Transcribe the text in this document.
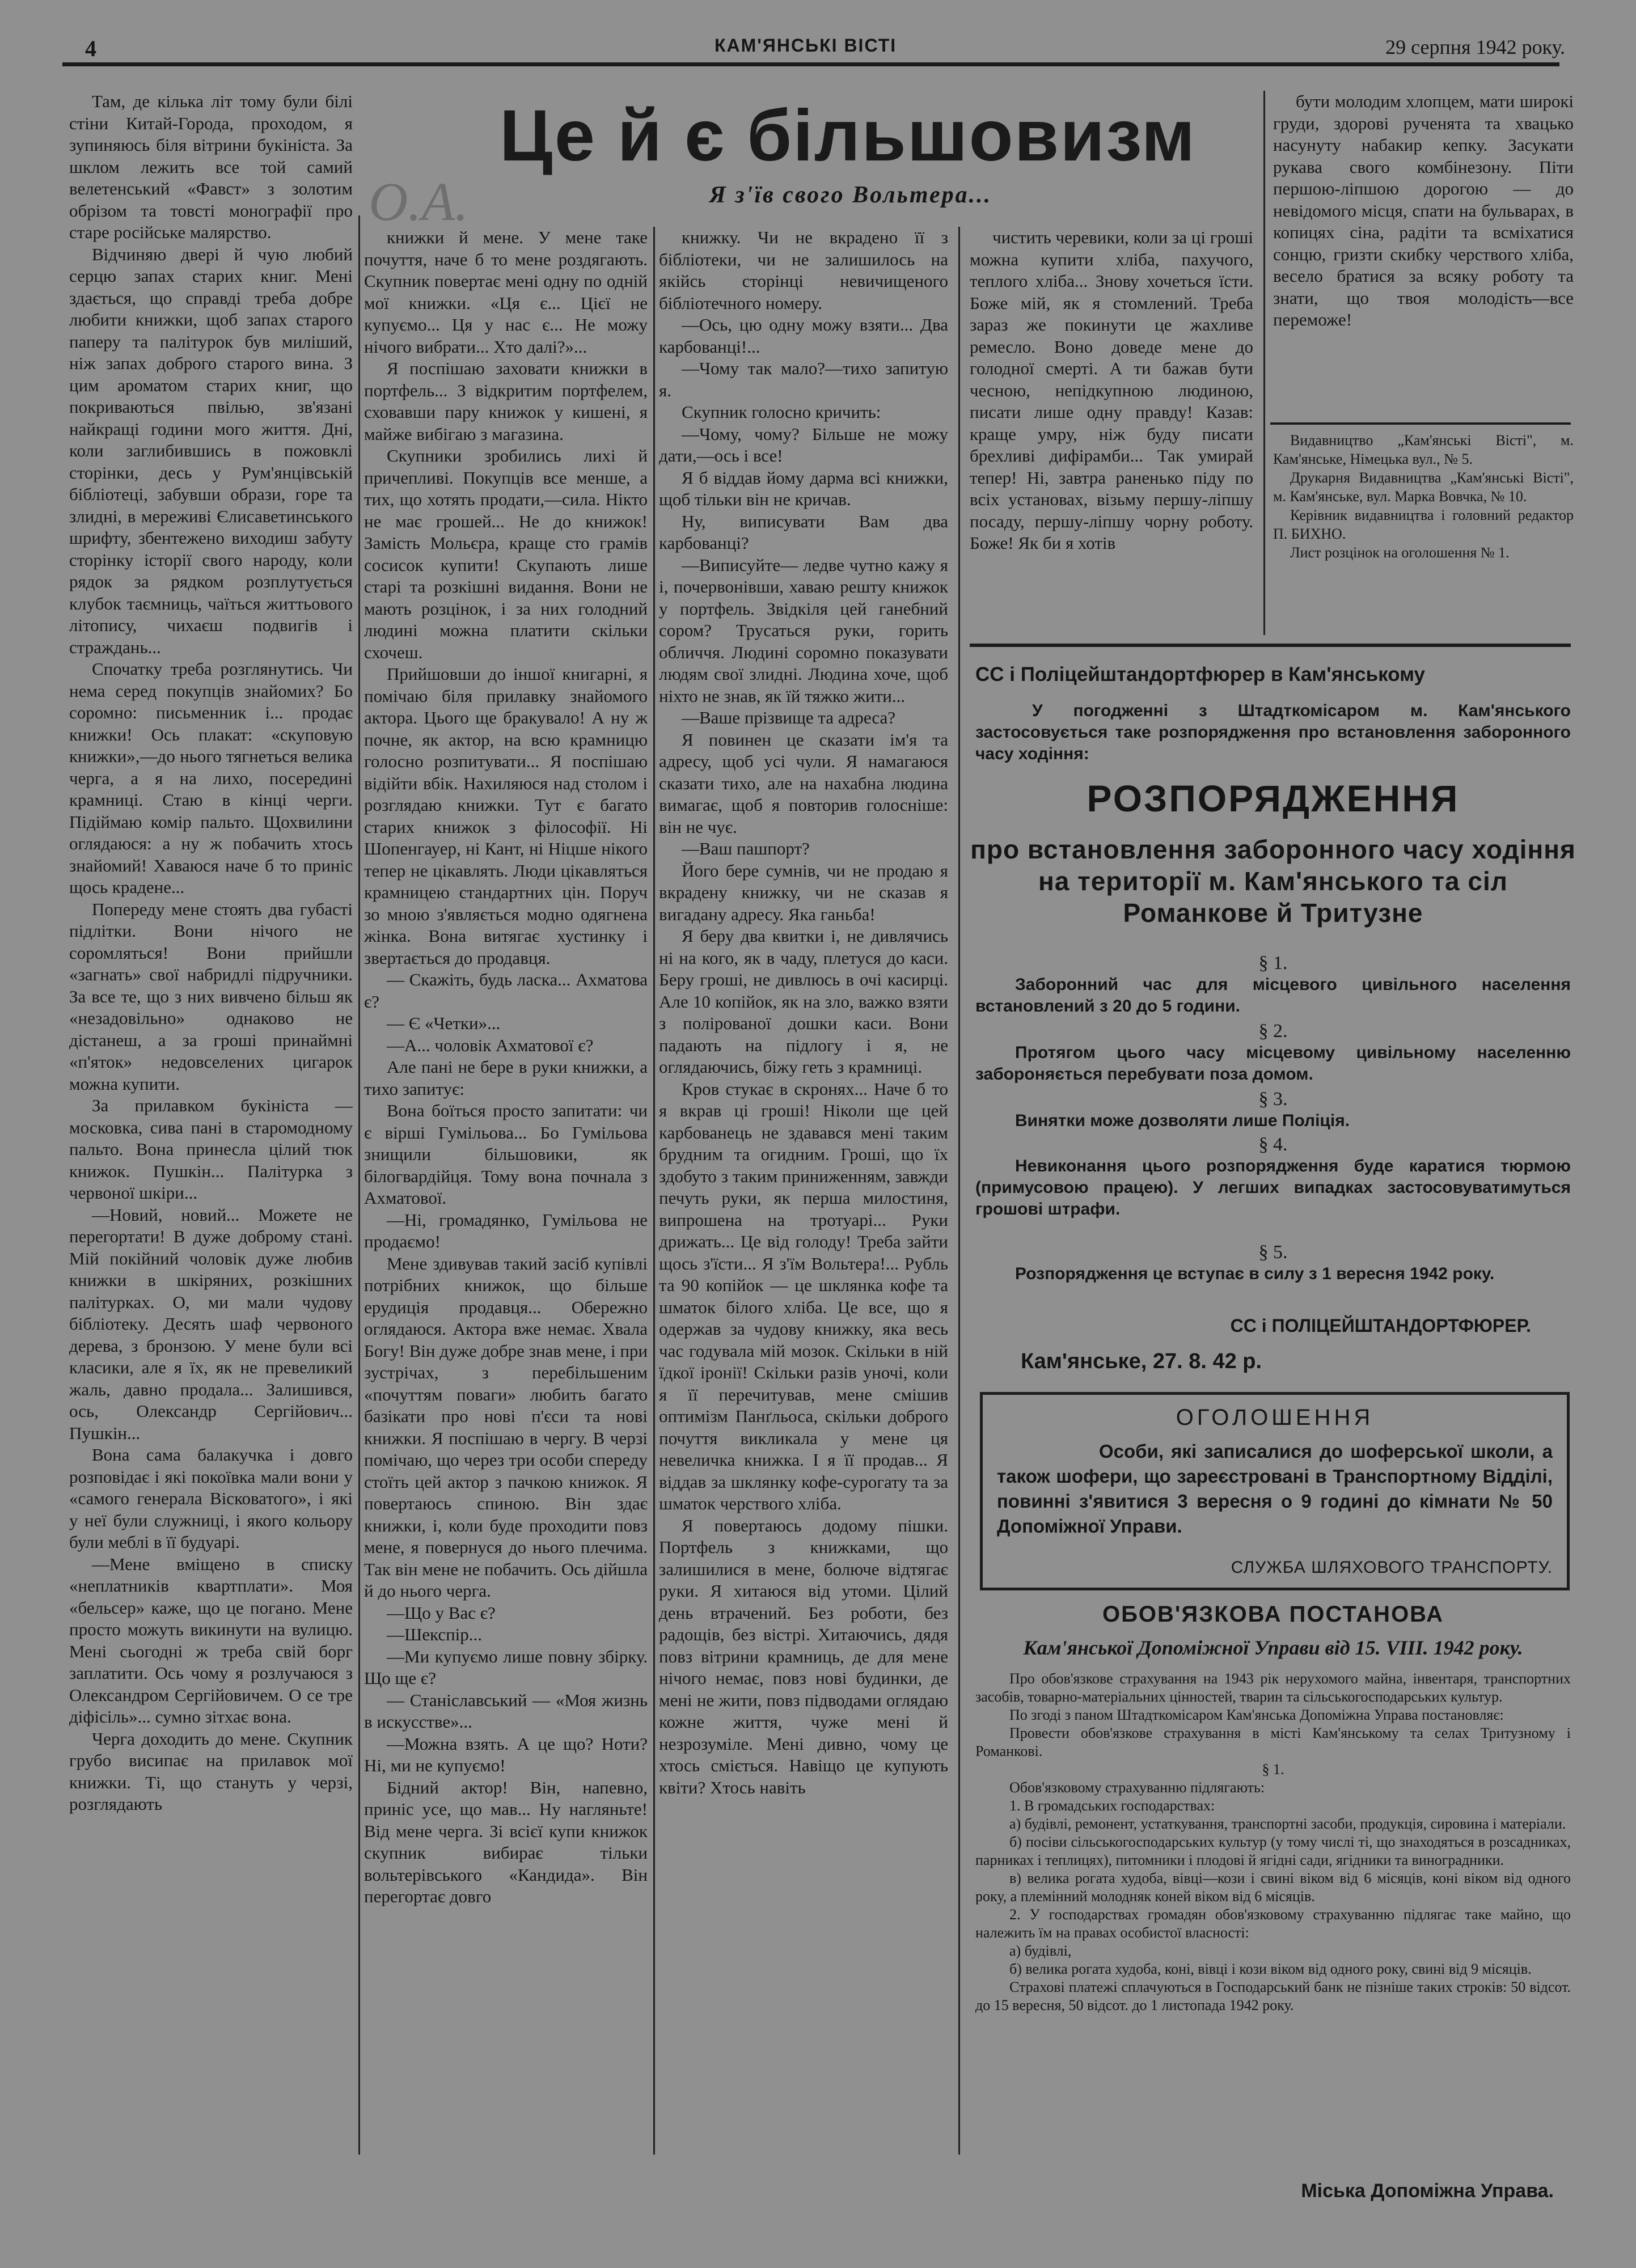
4	КАМ'ЯНСЬКІ ВІСТІ	29 серпня 1942 року.
Це й є більшовизм
Я з'їв свого Вольтера...
O.A.

Там, де кілька літ тому були білі стіни Китай-Города, проходом, я зупиняюсь біля вітрини букініста. За шклом лежить все той самий велетенський «Фавст» з золотим обрізом та товсті монографії про старе російське малярство.

Відчиняю двері й чую любий серцю запах старих книг. Мені здається, що справді треба добре любити книжки, щоб запах старого паперу та палітурок був миліший, ніж запах доброго старого вина. З цим ароматом старих книг, що покриваються пвілью, зв'язані найкращі години мого життя. Дні, коли заглибившись в пожовклі сторінки, десь у Рум'янцівській бібліотеці, забувши образи, горе та злидні, в мереживі Єлисаветинського шрифту, збентежено виходиш забуту сторінку історії свого народу, коли рядок за рядком розплутується клубок таємниць, чаїться життьового літопису, чихаєш подвигів і страждань...

Спочатку треба розглянутись. Чи нема серед покупців знайомих? Бо соромно: письменник і... продає книжки! Ось плакат: «скуповую книжки»,—до нього тягнеться велика черга, а я на лихо, посередині крамниці. Стаю в кінці черги. Підіймаю комір пальто. Щохвилини оглядаюся: а ну ж побачить хтось знайомий! Хаваюся наче б то приніс щось крадене...

Попереду мене стоять два губасті підлітки. Вони нічого не соромляться! Вони прийшли «загнать» свої набридлі підручники. За все те, що з них вивчено більш як «незадовільно» однаково не дістанеш, а за гроші принаймні «п'яток» недовселених цигарок можна купити.

За прилавком букініста — московка, сива пані в старомодному пальто. Вона принесла цілий тюк книжок. Пушкін... Палітурка з червоної шкіри...

—Новий, новий... Можете не перегортати! В дуже доброму стані. Мій покійний чоловік дуже любив книжки в шкіряних, розкішних палітурках. О, ми мали чудову бібліотеку. Десять шаф червоного дерева, з бронзою. У мене були всі класики, але я їх, як не превеликий жаль, давно продала... Залишився, ось, Олександр Сергійович... Пушкін...

Вона сама балакучка і довго розповідає і які покоївка мали вони у «самого генерала Вісковатого», і які у неї були служниці, і якого кольору були меблі в її будуарі.

—Мене вміщено в списку «неплатників квартплати». Моя «бельсер» каже, що це погано. Мене просто можуть викинути на вулицю. Мені сьогодні ж треба свій борг заплатити. Ось чому я розлучаюся з Олександром Сергійовичем. О се тре діфісіль»... сумно зітхає вона.

Черга доходить до мене. Скупник грубо висипає на прилавок мої книжки. Ті, що стануть у черзі, розглядають

книжки й мене. У мене таке почуття, наче б то мене роздягають. Скупник повертає мені одну по одній мої книжки. «Ця є... Цієї не купуємо... Ця у нас є... Не можу нічого вибрати... Хто далі?»...

Я поспішаю заховати книжки в портфель... З відкритим портфелем, сховавши пару книжок у кишені, я майже вибігаю з магазина.

Скупники зробились лихі й причепливі. Покупців все менше, а тих, що хотять продати,—сила. Нікто не має грошей... Не до книжок! Замість Мольєра, краще сто грамів сосисок купити! Скупають лише старі та розкішні видання. Вони не мають розцінок, і за них голодний людині можна платити скільки схочеш.

Прийшовши до іншої книгарні, я помічаю біля прилавку знайомого актора. Цього ще бракувало! А ну ж почне, як актор, на всю крамницю голосно розпитувати... Я поспішаю відійти вбік. Нахиляюся над столом і розглядаю книжки. Тут є багато старих книжок з філософії. Ні Шопенгауер, ні Кант, ні Ніцше нікого тепер не цікавлять. Люди цікавляться крамницею стандартних цін. Поруч зо мною з'являється модно одягнена жінка. Вона витягає хустинку і звертається до продавця.

— Скажіть, будь ласка... Ахматова є?

— Є «Четки»...

—А... чоловік Ахматової є?

Але пані не бере в руки книжки, а тихо запитує:

Вона боїться просто запитати: чи є вірші Гумільова... Бо Гумільова знищили більшовики, як білогвардійця. Тому вона почнала з Ахматової.

—Ні, громадянко, Гумільова не продаємо!

Мене здивував такий засіб купівлі потрібних книжок, що більше ерудиція продавця... Обережно оглядаюся. Актора вже немає. Хвала Богу! Він дуже добре знав мене, і при зустрічах, з перебільшеним «почуттям поваги» любить багато базікати про нові п'єси та нові книжки. Я поспішаю в чергу. В черзі помічаю, що через три особи спереду стоїть цей актор з пачкою книжок. Я повертаюсь спиною. Він здає книжки, і, коли буде проходити повз мене, я повернуся до нього плечима. Так він мене не побачить. Ось дійшла й до нього черга.

—Що у Вас є?

—Шекспір...

—Ми купуємо лише повну збірку. Що ще є?

— Станіславський — «Моя жизнь в искусстве»...

—Можна взять. А це що? Ноти? Ні, ми не купуємо!

Бідний актор! Він, напевно, приніс усе, що мав... Ну нагляньте! Від мене черга. Зі всієї купи книжок скупник вибирає тільки вольтерівського «Кандида». Він перегортає довго

книжку. Чи не вкрадено її з бібліотеки, чи не залишилось на якійсь сторінці невичищеного бібліотечного номеру.

—Ось, цю одну можу взяти... Два карбованці!...

—Чому так мало?—тихо запитую я.

Скупник голосно кричить:

—Чому, чому? Більше не можу дати,—ось і все!

Я б віддав йому дарма всі книжки, щоб тільки він не кричав.

Ну, виписувати Вам два карбованці?

—Виписуйте— ледве чутно кажу я і, почервонівши, хаваю решту книжок у портфель. Звідкіля цей ганебний сором? Трусаться руки, горить обличчя. Людині соромно показувати людям свої злидні. Людина хоче, щоб ніхто не знав, як їй тяжко жити...

—Ваше прізвище та адреса?

Я повинен це сказати ім'я та адресу, щоб усі чули. Я намагаюся сказати тихо, але на нахабна людина вимагає, щоб я повторив голосніше: він не чує.

—Ваш пашпорт?

Його бере сумнів, чи не продаю я вкрадену книжку, чи не сказав я вигадану адресу. Яка ганьба!

Я беру два квитки і, не дивлячись ні на кого, як в чаду, плетуся до каси. Беру гроші, не дивлюсь в очі касирці. Але 10 копійок, як на зло, важко взяти з полірованої дошки каси. Вони падають на підлогу і я, не оглядаючись, біжу геть з крамниці.

Кров стукає в скронях... Наче б то я вкрав ці гроші! Ніколи ще цей карбованець не здавався мені таким брудним та огидним. Гроші, що їх здобуто з таким приниженням, завжди печуть руки, як перша милостиня, випрошена на тротуарі... Руки дрижать... Це від голоду! Треба зайти щось з'їсти... Я з'їм Вольтера!... Рубль та 90 копійок — це шклянка кофе та шматок білого хліба. Це все, що я одержав за чудову книжку, яка весь час годувала мій мозок. Скільки в ній їдкої іронії! Скільки разів уночі, коли я її перечитував, мене смішив оптимізм Панґльоса, скільки доброго почуття викликала у мене ця невеличка книжка. І я її продав... Я віддав за шклянку кофе-сурогату та за шматок черствого хліба.

Я повертаюсь додому пішки. Портфель з книжками, що залишилися в мене, болюче відтягає руки. Я хитаюся від утоми. Цілий день втрачений. Без роботи, без радощів, без вістрі. Хитаючись, дядя повз вітрини крамниць, де для мене нічого немає, повз нові будинки, де мені не жити, повз підводами оглядаю кожне життя, чуже мені й незрозуміле. Мені дивно, чому це хтось сміється. Навіщо це купують квіти? Хтось навіть

чистить черевики, коли за ці гроші можна купити хліба, пахучого, теплого хліба... Знову хочеться їсти. Боже мій, як я стомлений. Треба зараз же покинути це жахливе ремесло. Воно доведе мене до голодної смерті. А ти бажав бути чесною, непідкупною людиною, писати лише одну правду! Казав: краще умру, ніж буду писати брехливі дифірамби... Так умирай тепер! Ні, завтра раненько піду по всіх установах, візьму першу-ліпшу посаду, першу-ліпшу чорну роботу. Боже! Як би я хотів

бути молодим хлопцем, мати широкі груди, здорові рученята та хвацько насунуту набакир кепку. Засукати рукава свого комбінезону. Піти першою-ліпшою дорогою — до невідомого місця, спати на бульварах, в копицях сіна, радіти та всміхатися сонцю, гризти скибку черствого хліба, весело братися за всяку роботу та знати, що твоя молодість—все переможе!

Видавництво „Кам'янські Вісті", м. Кам'янське, Німецька вул., № 5.

Друкарня Видавництва „Кам'янські Вісті", м. Кам'янське, вул. Марка Вовчка, № 10.

Керівник видавництва і головний редактор П. БИХНО.

Лист розцінок на оголошення № 1.

СС і Поліцейштандортфюрер в Кам'янському
У погодженні з Штадткомісаром м. Кам'янського застосовується таке розпорядження про встановлення заборонного часу ходіння:
РОЗПОРЯДЖЕННЯ
про встановлення заборонного часу ходіння на території м. Кам'янського та сіл Романкове й Тритузне
§ 1.
Заборонний час для місцевого цивільного населення встановлений з 20 до 5 години.
§ 2.
Протягом цього часу місцевому цивільному населенню забороняється перебувати поза домом.
§ 3.
Винятки може дозволяти лише Поліція.
§ 4.
Невиконання цього розпорядження буде каратися тюрмою (примусовою працею). У легших випадках застосовуватимуться грошові штрафи.
§ 5.
Розпорядження це вступає в силу з 1 вересня 1942 року.
СС і ПОЛІЦЕЙШТАНДОРТФЮРЕР.
Кам'янське, 27. 8. 42 р.
ОГОЛОШЕННЯ
Особи, які записалися до шоферської школи, а також шофери, що зареєстровані в Транспортному Відділі, повинні з'явитися 3 вересня о 9 годині до кімнати № 50 Допоміжної Управи.
СЛУЖБА ШЛЯХОВОГО ТРАНСПОРТУ.
ОБОВ'ЯЗКОВА ПОСТАНОВА
Кам'янської Допоміжної Управи від 15. VIII. 1942 року.

Про обов'язкове страхування на 1943 рік нерухомого майна, інвентаря, транспортних засобів, товарно-матеріальних цінностей, тварин та сільськогосподарських культур.

По згоді з паном Штадткомісаром Кам'янська Допоміжна Управа постановляє:

Провести обов'язкове страхування в місті Кам'янському та селах Тритузному і Романкові.

§ 1.

Обов'язковому страхуванню підлягають:

1. В громадських господарствах:

а) будівлі, ремонент, устаткування, транспортні засоби, продукція, сировина і матеріали.

б) посіви сільськогосподарських культур (у тому числі ті, що знаходяться в розсадниках, парниках і теплицях), питомники і плодові й ягідні сади, ягідники та виноградники.

в) велика рогата худоба, вівці—кози і свині віком від 6 місяців, коні віком від одного року, а племінний молодняк коней віком від 6 місяців.

2. У господарствах громадян обов'язковому страхуванню підлягає таке майно, що належить їм на правах особистої власності:

а) будівлі,

б) велика рогата худоба, коні, вівці і кози віком від одного року, свині від 9 місяців.

Страхові платежі сплачуються в Господарський банк не пізніше таких строків: 50 відсот. до 15 вересня, 50 відсот. до 1 листопада 1942 року.

Міська Допоміжна Управа.
